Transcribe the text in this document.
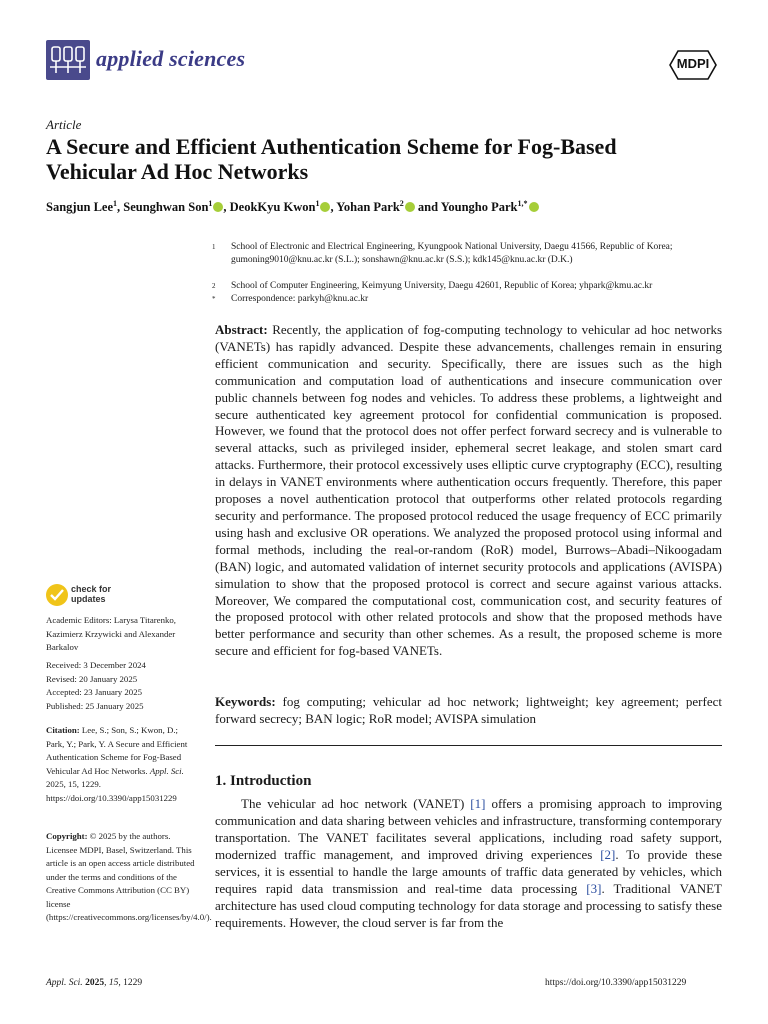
applied sciences	MDPI
Article
A Secure and Efficient Authentication Scheme for Fog-Based Vehicular Ad Hoc Networks
Sangjun Lee$^1$, Seunghwan Son$^1$ , DeokKyu Kwon$^1$ , Yohan Park$^2$ and Youngho Park$^{1,*}$
1 School of Electronic and Electrical Engineering, Kyungpook National University, Daegu 41566, Republic of Korea; gumoning9010@knu.ac.kr (S.L.); sonshawn@knu.ac.kr (S.S.); kdk145@knu.ac.kr (D.K.)
2 School of Computer Engineering, Keimyung University, Daegu 42601, Republic of Korea; yhpark@kmu.ac.kr
* Correspondence: parkyh@knu.ac.kr
Abstract: Recently, the application of fog-computing technology to vehicular ad hoc networks (VANETs) has rapidly advanced. Despite these advancements, challenges remain in ensuring efficient communication and security. Specifically, there are issues such as the high communication and computation load of authentications and insecure communication over public channels between fog nodes and vehicles. To address these problems, a lightweight and secure authenticated key agreement protocol for confidential communication is proposed. However, we found that the protocol does not offer perfect forward secrecy and is vulnerable to several attacks, such as privileged insider, ephemeral secret leakage, and stolen smart card attacks. Furthermore, their protocol excessively uses elliptic curve cryptography (ECC), resulting in delays in VANET environments where authentication occurs frequently. Therefore, this paper proposes a novel authentication protocol that outperforms other related protocols regarding security and performance. The proposed protocol reduced the usage frequency of ECC primarily using hash and exclusive OR operations. We analyzed the proposed protocol using informal and formal methods, including the real-or-random (RoR) model, Burrows–Abadi–Nikoogadam (BAN) logic, and automated validation of internet security protocols and applications (AVISPA) simulation to show that the proposed protocol is correct and secure against various attacks. Moreover, We compared the computational cost, communication cost, and security features of the proposed protocol with other related protocols and show that the proposed methods have better performance and security than other schemes. As a result, the proposed scheme is more secure and efficient for fog-based VANETs.
Keywords: fog computing; vehicular ad hoc network; lightweight; key agreement; perfect forward secrecy; BAN logic; RoR model; AVISPA simulation
1. Introduction
The vehicular ad hoc network (VANET) [1] offers a promising approach to improving communication and data sharing between vehicles and infrastructure, transforming contemporary transportation. The VANET facilitates several applications, including road safety support, modernized traffic management, and improved driving experiences [2]. To provide these services, it is essential to handle the large amounts of traffic data generated by vehicles, which requires rapid data transmission and real-time data processing [3]. Traditional VANET architecture has used cloud computing technology for data storage and processing to satisfy these requirements. However, the cloud server is far from the
check for
updates
Academic Editors: Larysa Titarenko, Kazimierz Krzywicki and Alexander Barkalov
Received: 3 December 2024
Revised: 20 January 2025
Accepted: 23 January 2025
Published: 25 January 2025
Citation: Lee, S.; Son, S.; Kwon, D.; Park, Y.; Park, Y. A Secure and Efficient Authentication Scheme for Fog-Based Vehicular Ad Hoc Networks. Appl. Sci. 2025, 15, 1229. https://doi.org/10.3390/app15031229
Copyright: © 2025 by the authors. Licensee MDPI, Basel, Switzerland. This article is an open access article distributed under the terms and conditions of the Creative Commons Attribution (CC BY) license (https://creativecommons.org/licenses/by/4.0/).
Appl. Sci. 2025, 15, 1229	https://doi.org/10.3390/app15031229
